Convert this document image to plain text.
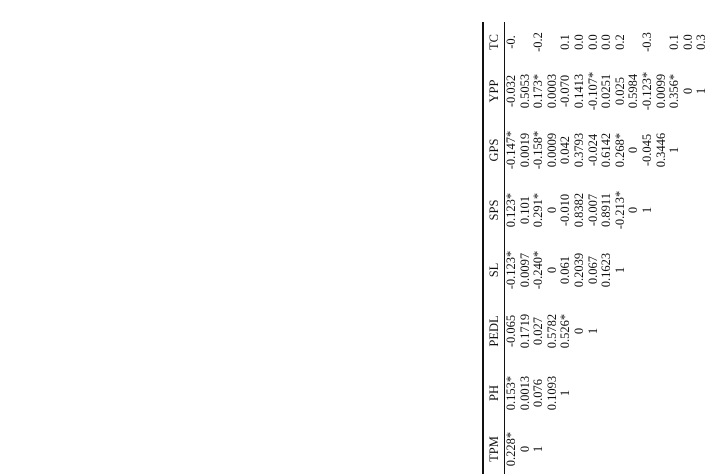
TPM	PH	PEDL	SL	SPS	GPS	YPP	TC
0.228*	0.153*	-0.065	-0.123*	0.123*	-0.147*	-0.032	-0.
0	0.0013	0.1719	0.0097	0.101	0.0019	0.5053	
1	0.076	0.027	-0.240*	0.291*	-0.158*	0.173*	-0.2
	0.1093	0.5782	0	0	0.0009	0.0003	
	1	0.526*	0.061	-0.010	0.042	-0.070	0.1
		0	0.2039	0.8382	0.3793	0.1413	0.0
		1	0.067	-0.007	-0.024	-0.107*	0.0
			0.1623	0.8911	0.6142	0.0251	0.0
			1	-0.213*	0.268*	0.025	0.2
				0	0	0.5984	
				1	-0.045	-0.123*	-0.3
					0.3446	0.0099	
					1	0.356*	0.1
						0	0.0
						1	0.3
